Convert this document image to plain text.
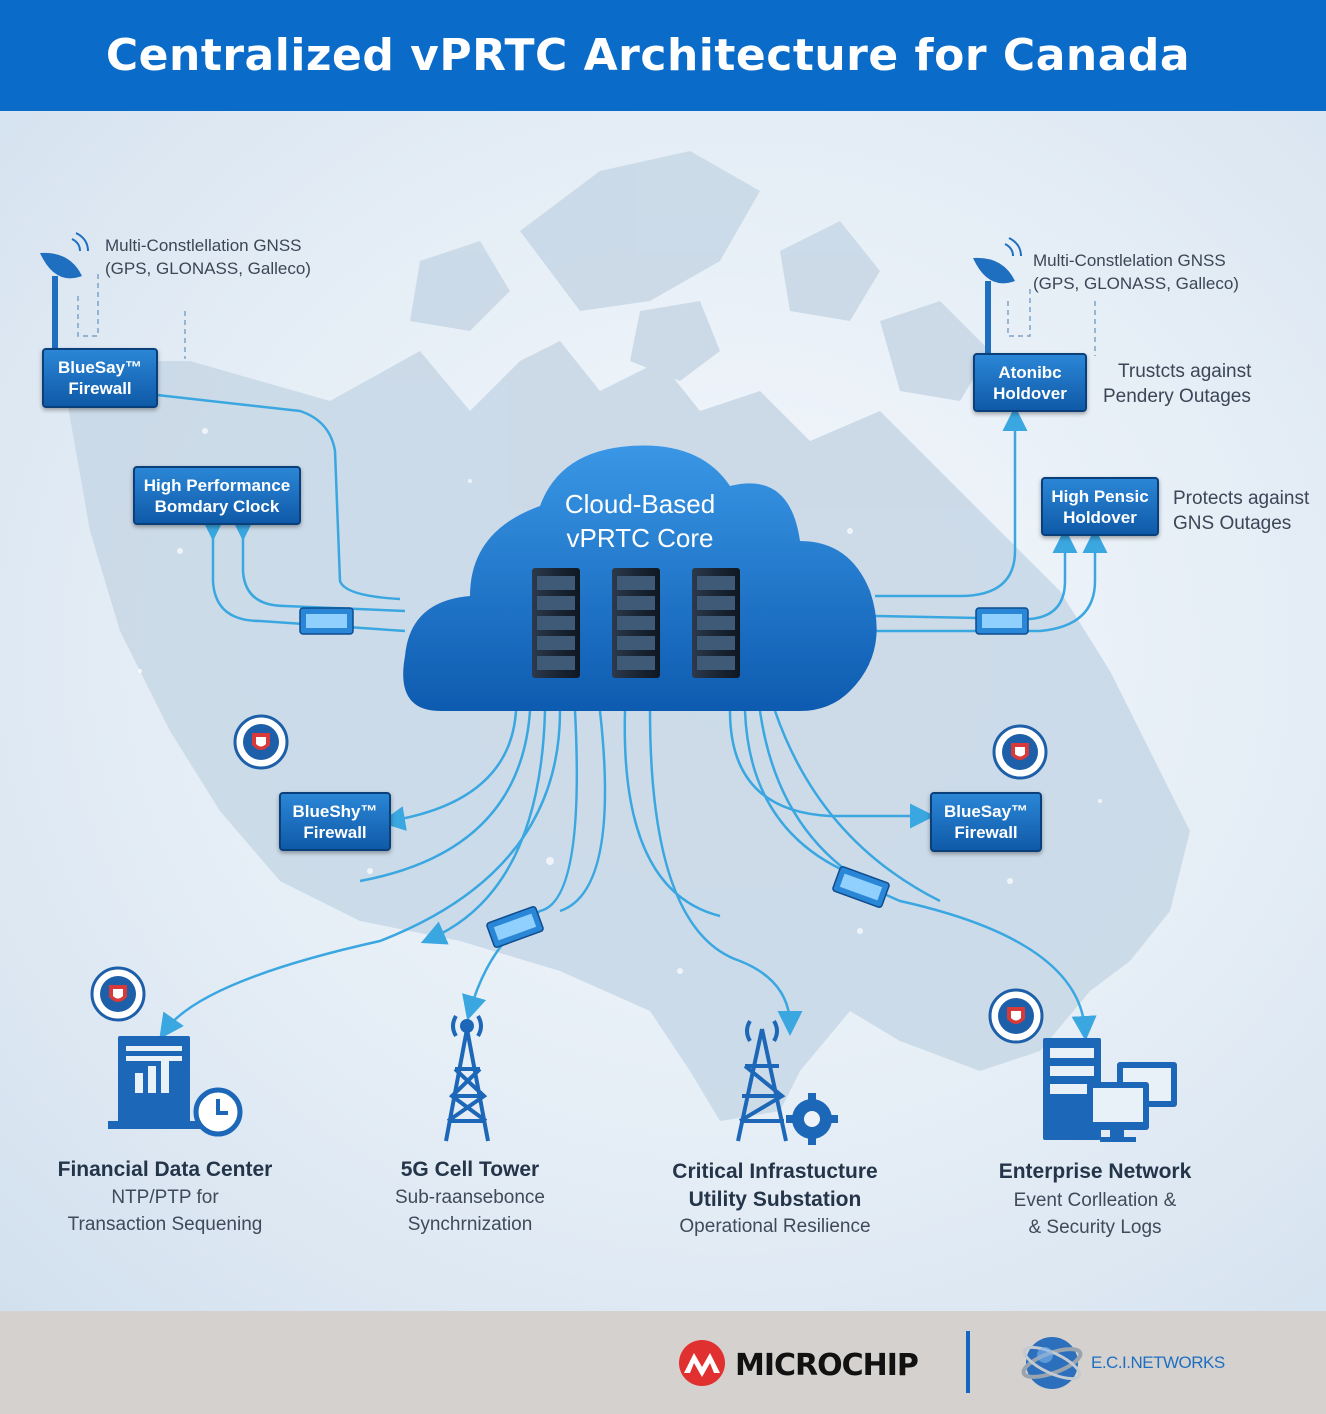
Centralized vPRTC Architecture for Canada
Multi-Constlellation GNSS
(GPS, GLONASS, Galleco)	Multi-Constlelation GNSS
(GPS, GLONASS, Galleco)
BlueSay™
Firewall
High Performance
Bomdary Clock
Atonibc
Holdover
High Pensic
Holdover
BlueShy™
Firewall
BlueSay™
Firewall
Trustcts against
Pendery Outages
Protects against
GNS Outages
Cloud-Based
vPRTC Core
Financial Data Center
NTP/PTP for
Transaction Sequening
5G Cell Tower
Sub-raansebonce
Synchrnization
Critical Infrastucture
Utility Substation
Operational Resilience
Enterprise Network
Event Corlleation &
& Security Logs
MICROCHIP	E.C.I.NETWORKS
